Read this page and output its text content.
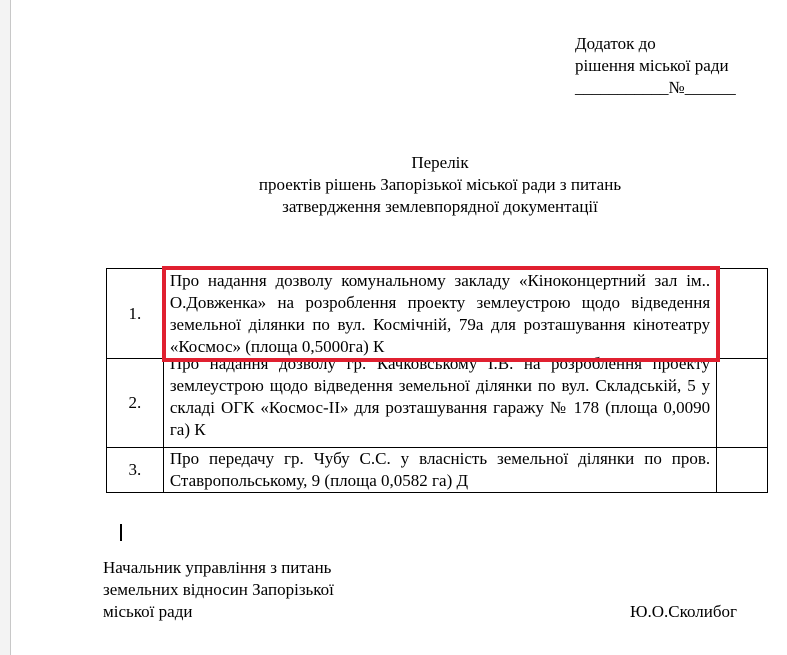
Додаток до
рішення міської ради
___________№______
Перелік
проектів рішень Запорізької міської ради з питань
затвердження землевпорядної документації
1.	Про надання дозволу комунальному закладу «Кіноконцертний зал ім.. О.Довженка» на розроблення проекту землеустрою щодо відведення земельної ділянки по вул. Космічній, 79а для розташування кінотеатру «Космос» (площа 0,5000га) К	

2.	Про надання дозволу гр. Качковському І.В. на розроблення проекту землеустрою щодо відведення земельної ділянки по вул. Складській, 5 у складі ОГК «Космос-ІІ» для розташування гаражу № 178 (площа 0,0090 га) К	

3.	Про передачу гр. Чубу С.С. у власність земельної ділянки по пров. Ставропольському, 9 (площа 0,0582 га) Д	

Начальник управління з питань
земельних відносин Запорізької
міської ради	Ю.О.Сколибог
